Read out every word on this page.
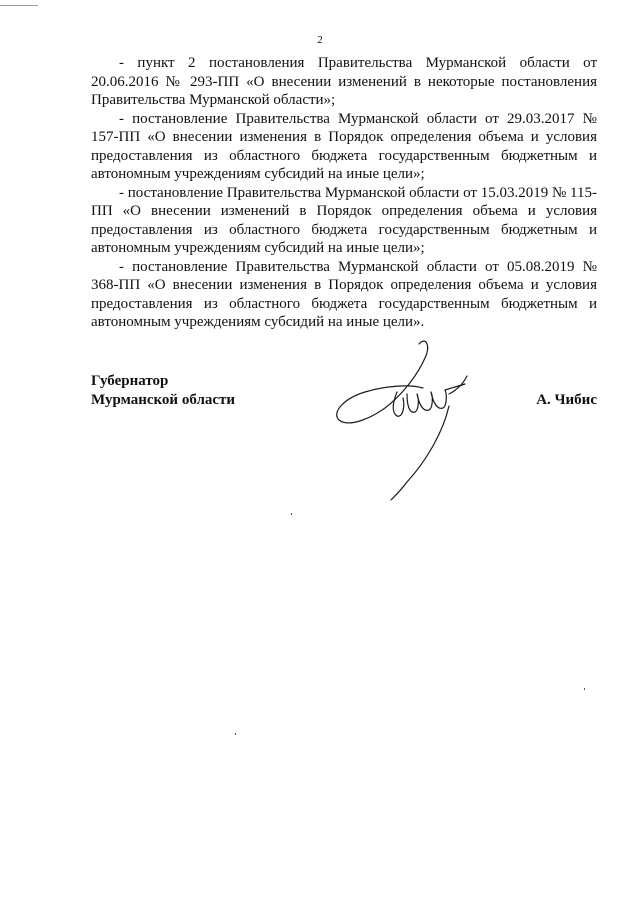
2

- пункт 2 постановления Правительства Мурманской области от 20.06.2016 № 293-ПП «О внесении изменений в некоторые постановления Правительства Мурманской области»;

- постановление Правительства Мурманской области от 29.03.2017 № 157-ПП «О внесении изменения в Порядок определения объема и условия предоставления из областного бюджета государственным бюджетным и автономным учреждениям субсидий на иные цели»;

- постановление Правительства Мурманской области от 15.03.2019 № 115-ПП «О внесении изменений в Порядок определения объема и условия предоставления из областного бюджета государственным бюджетным и автономным учреждениям субсидий на иные цели»;

- постановление Правительства Мурманской области от 05.08.2019 № 368-ПП «О внесении изменения в Порядок определения объема и условия предоставления из областного бюджета государственным бюджетным и автономным учреждениям субсидий на иные цели».

Губернатор
Мурманской области	А. Чибис
